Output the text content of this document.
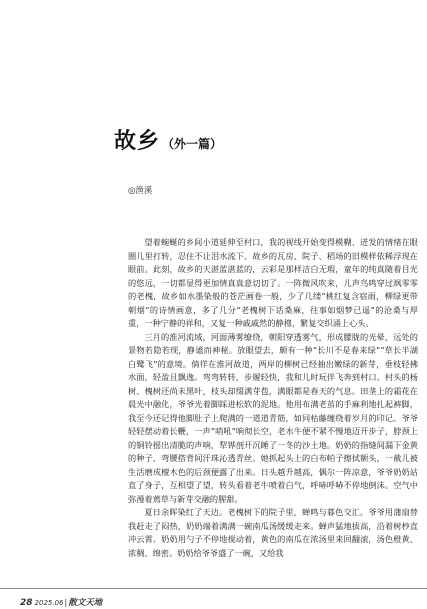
故乡 （外一篇）
◎渔溪

望着蜿蜒的乡间小道延伸至村口，我的视线开始变得模糊、迸发的情绪在眼圈儿里打转，忍住不让泪水流下。故乡的瓦房、院子、稻场的旧模样依稀浮现在眼前。此刻，故乡的天湛蓝湛蓝的，云彩是那样洁白无瑕，童年的纯真随着目光的悠远，一切都显得更加情真真意切切了。一阵微风吹来，儿声鸟鸣穿过飒零零的老槐，故乡如水墨染般的苍茫画卷一般，少了几缕“桃红复含宿雨，柳绿更带朝烟”的诗情画意，多了几分“老槐树下话桑麻，往事如烟梦已遥”的沧桑与厚重，一种宁静的祥和，又复一种戚戚然的静穆，繁复交织涌上心头。

三月的淮河流域，河面薄雾缭绕，朝阳穿透雾气，形成朦胧的光晕，远处的景物若隐若现，静谧而神秘。放眼望去，颇有一种“长川不是春来绿”“草长半湖白鹭飞”的意境。倘徉在淮河故道，两岸的柳树已经抽出嫩绿的新芽，垂枝轻拂水面，轻盈且飘逸。弯弯转转，步履轻快，我和儿时玩伴飞奔到村口。村头的杨树、槐树还尚未黑叶，枝头却缀满芽苞，满眼都是春天的气息。田垄上的霜花在晨光中融化，爷爷光着脚踩进松软的泥地。他用布满老茧的手麻利地扎起裤脚，我至今还记得他脚肚子上爬满的一道道青筋，如同枯藤缠绕着岁月的印记。爷爷轻轻摆动着长鞭，一声“哨吼”响彻长空，老水牛便不紧不慢地迈开步子，脖颈上的铜铃摇出清脆的声响，犁铧剖开沉睡了一冬的沙土地。奶奶的指缝间漏下金黄的种子，弯腰搭背间汗珠沁透青丝。她抓起头上的白布帕子擦拭额头，一截儿被生活磨成檀木色的后颈便露了出来。日头越升越高，偶尔一阵凉意，爷爷奶奶站直了身子，互相望了望，转头看着老牛喷着白气，呼哧呼哧不停地倒沫。空气中弥漫着蔫草与新芽交融的腥甜。

夏日余晖染红了天边。老槐树下的院子里，蝉鸣与暮色交汇。爷爷用蒲扇替我赶走了闷热，奶奶端着满满一碗南瓜汤缓缓走来。蝉声猛地拔高，沿着树杪直冲云霄。奶奶用勺子不停地搅动着，黄色的南瓜在浓汤里来回翻滚，汤色橙黄、浓稠、绵密。奶奶给爷爷盛了一碗，又给我

28 2025.06|散文天地
